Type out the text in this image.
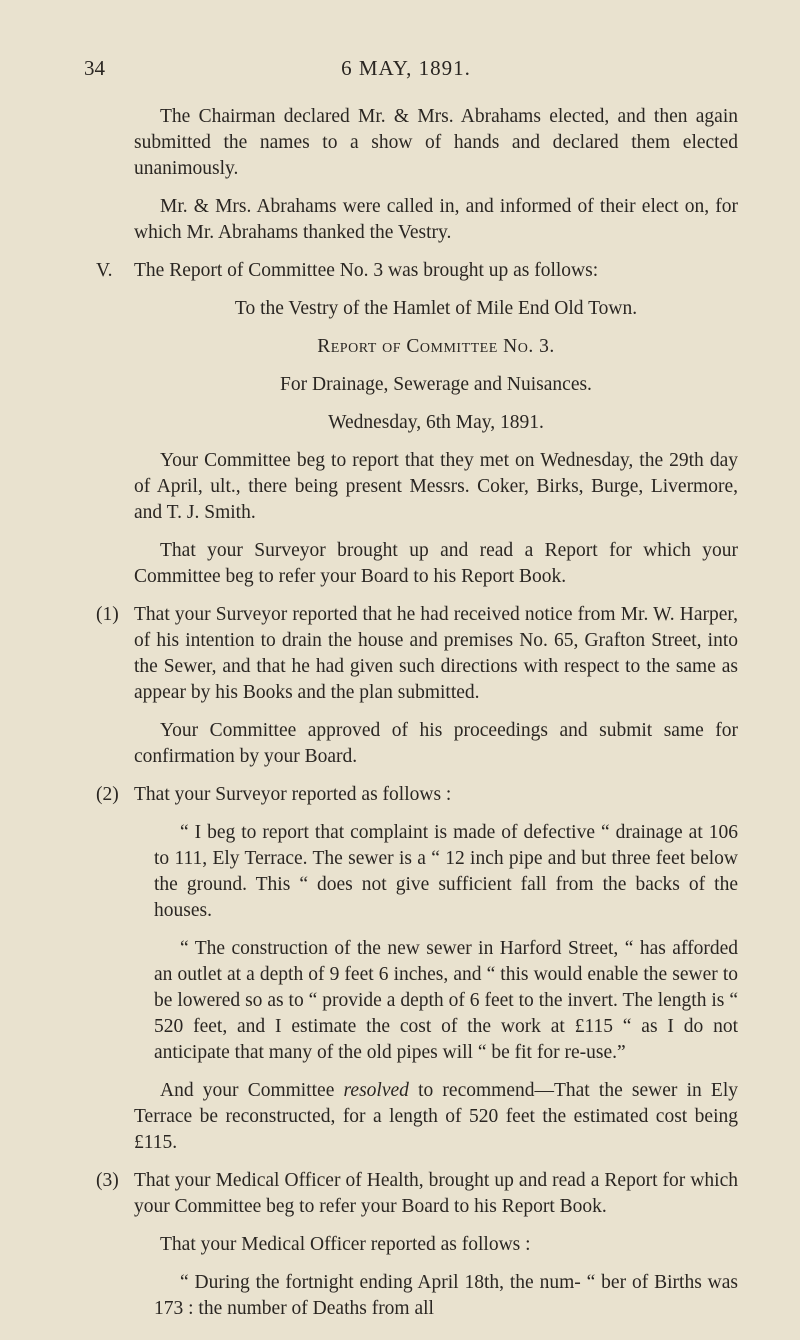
34	6 MAY, 1891.

The Chairman declared Mr. & Mrs. Abrahams elected, and then again submitted the names to a show of hands and declared them elected unanimously.

Mr. & Mrs. Abrahams were called in, and informed of their elect on, for which Mr. Abrahams thanked the Vestry.

V. The Report of Committee No. 3 was brought up as follows:

To the Vestry of the Hamlet of Mile End Old Town.

Report of Committee No. 3.

For Drainage, Sewerage and Nuisances.

Wednesday, 6th May, 1891.

Your Committee beg to report that they met on Wednesday, the 29th day of April, ult., there being present Messrs. Coker, Birks, Burge, Livermore, and T. J. Smith.

That your Surveyor brought up and read a Report for which your Committee beg to refer your Board to his Report Book.

(1) That your Surveyor reported that he had received notice from Mr. W. Harper, of his intention to drain the house and premises No. 65, Grafton Street, into the Sewer, and that he had given such directions with respect to the same as appear by his Books and the plan submitted.

Your Committee approved of his proceedings and submit same for confirmation by your Board.

(2) That your Surveyor reported as follows :

“ I beg to report that complaint is made of defective “ drainage at 106 to 111, Ely Terrace. The sewer is a “ 12 inch pipe and but three feet below the ground. This “ does not give sufficient fall from the backs of the houses.

“ The construction of the new sewer in Harford Street, “ has afforded an outlet at a depth of 9 feet 6 inches, and “ this would enable the sewer to be lowered so as to “ provide a depth of 6 feet to the invert. The length is “ 520 feet, and I estimate the cost of the work at £115 “ as I do not anticipate that many of the old pipes will “ be fit for re-use.”

And your Committee resolved to recommend—That the sewer in Ely Terrace be reconstructed, for a length of 520 feet the estimated cost being £115.

(3) That your Medical Officer of Health, brought up and read a Report for which your Committee beg to refer your Board to his Report Book.

That your Medical Officer reported as follows :

“ During the fortnight ending April 18th, the num- “ ber of Births was 173 : the number of Deaths from all
